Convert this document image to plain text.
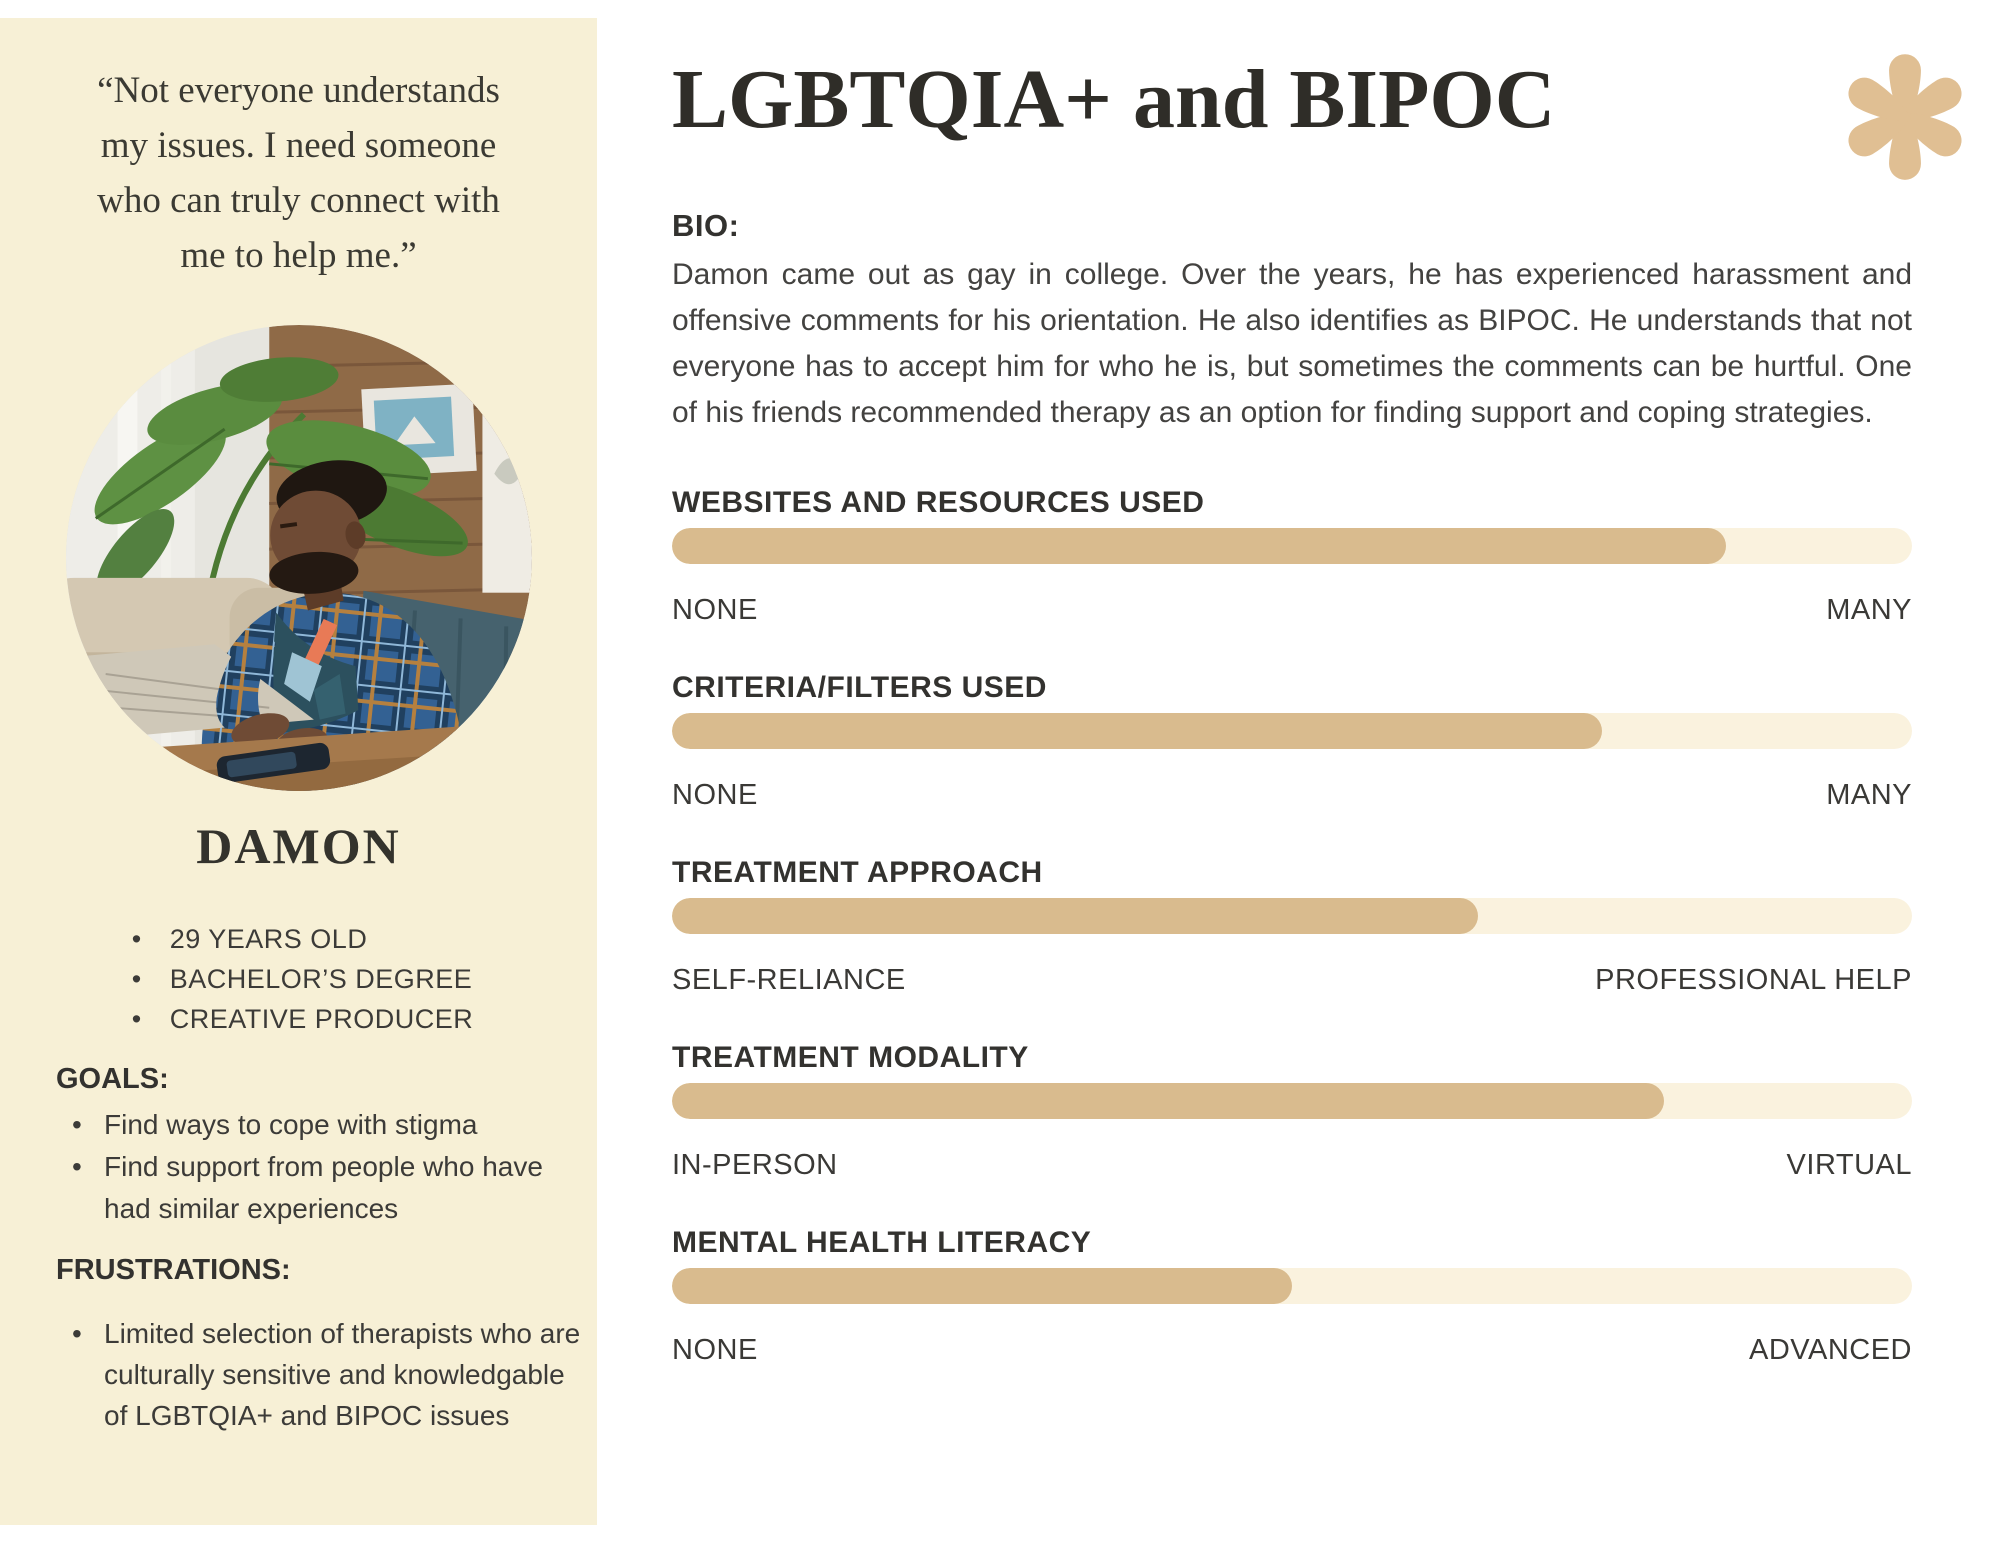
“Not everyone understands my issues. I need someone who can truly connect with me to help me.”
DAMON
• 29 YEARS OLD
• BACHELOR’S DEGREE
• CREATIVE PRODUCER
GOALS:
• Find ways to cope with stigma
• Find support from people who have had similar experiences
FRUSTRATIONS:
• Limited selection of therapists who are culturally sensitive and knowledgable of LGBTQIA+ and BIPOC issues
LGBTQIA+ and BIPOC
BIO:

Damon came out as gay in college. Over the years, he has experienced harassment and offensive comments for his orientation. He also identifies as BIPOC. He understands that not everyone has to accept him for who he is, but sometimes the comments can be hurtful. One of his friends recommended therapy as an option for finding support and coping strategies.

WEBSITES AND RESOURCES USED
NONE	MANY
CRITERIA/FILTERS USED
NONE	MANY
TREATMENT APPROACH
SELF-RELIANCE	PROFESSIONAL HELP
TREATMENT MODALITY
IN-PERSON	VIRTUAL
MENTAL HEALTH LITERACY
NONE	ADVANCED
